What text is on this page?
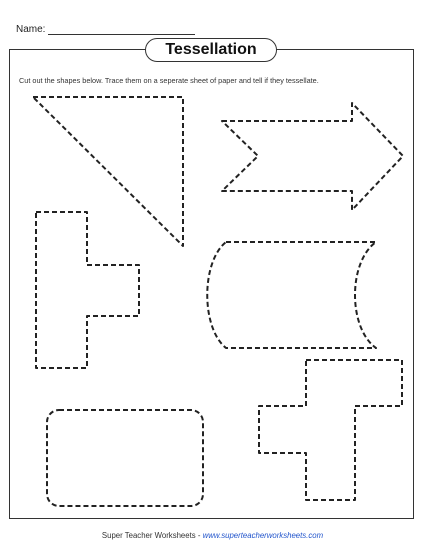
Name:
Tessellation
Cut out the shapes below. Trace them on a seperate sheet of paper and tell if they tessellate.
Super Teacher Worksheets - www.superteacherworksheets.com
